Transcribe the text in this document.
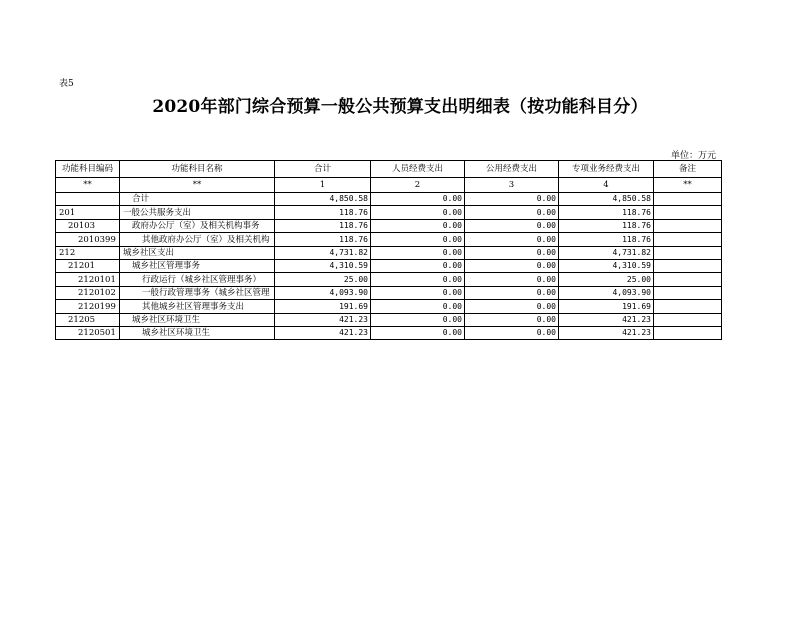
表5
2020年部门综合预算一般公共预算支出明细表（按功能科目分）
单位：万元
功能科目编码	功能科目名称	合计	人员经费支出	公用经费支出	专项业务经费支出	备注
**	**	1	2	3	4	**
	合计	4,850.58	0.00	0.00	4,850.58	
201	一般公共服务支出	118.76	0.00	0.00	118.76	
20103	政府办公厅（室）及相关机构事务	118.76	0.00	0.00	118.76	
2010399	其他政府办公厅（室）及相关机构	118.76	0.00	0.00	118.76	
212	城乡社区支出	4,731.82	0.00	0.00	4,731.82	
21201	城乡社区管理事务	4,310.59	0.00	0.00	4,310.59	
2120101	行政运行（城乡社区管理事务）	25.00	0.00	0.00	25.00	
2120102	一般行政管理事务（城乡社区管理	4,093.90	0.00	0.00	4,093.90	
2120199	其他城乡社区管理事务支出	191.69	0.00	0.00	191.69	
21205	城乡社区环境卫生	421.23	0.00	0.00	421.23	
2120501	城乡社区环境卫生	421.23	0.00	0.00	421.23	
